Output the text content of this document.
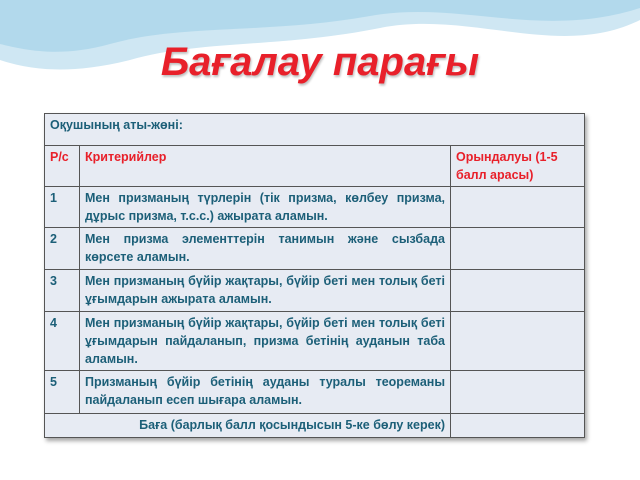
Бағалау парағы
Оқушының аты-жөні:		
Р/с	Критерийлер	Орындалуы (1-5 балл арасы)
1	Мен призманың түрлерін (тік призма, көлбеу призма, дұрыс призма, т.с.с.) ажырата аламын.	
2	Мен призма элементтерін танимын және сызбада көрсете аламын.	
3	Мен призманың бүйір жақтары, бүйір беті мен толық беті ұғымдарын ажырата аламын.	
4	Мен призманың бүйір жақтары, бүйір беті мен толық беті ұғымдарын пайдаланып, призма бетінің ауданын таба аламын.	
5	Призманың бүйір бетінің ауданы туралы теореманы пайдаланып есеп шығара аламын.	
Баға (барлық балл қосындысын 5-ке бөлу керек)		
